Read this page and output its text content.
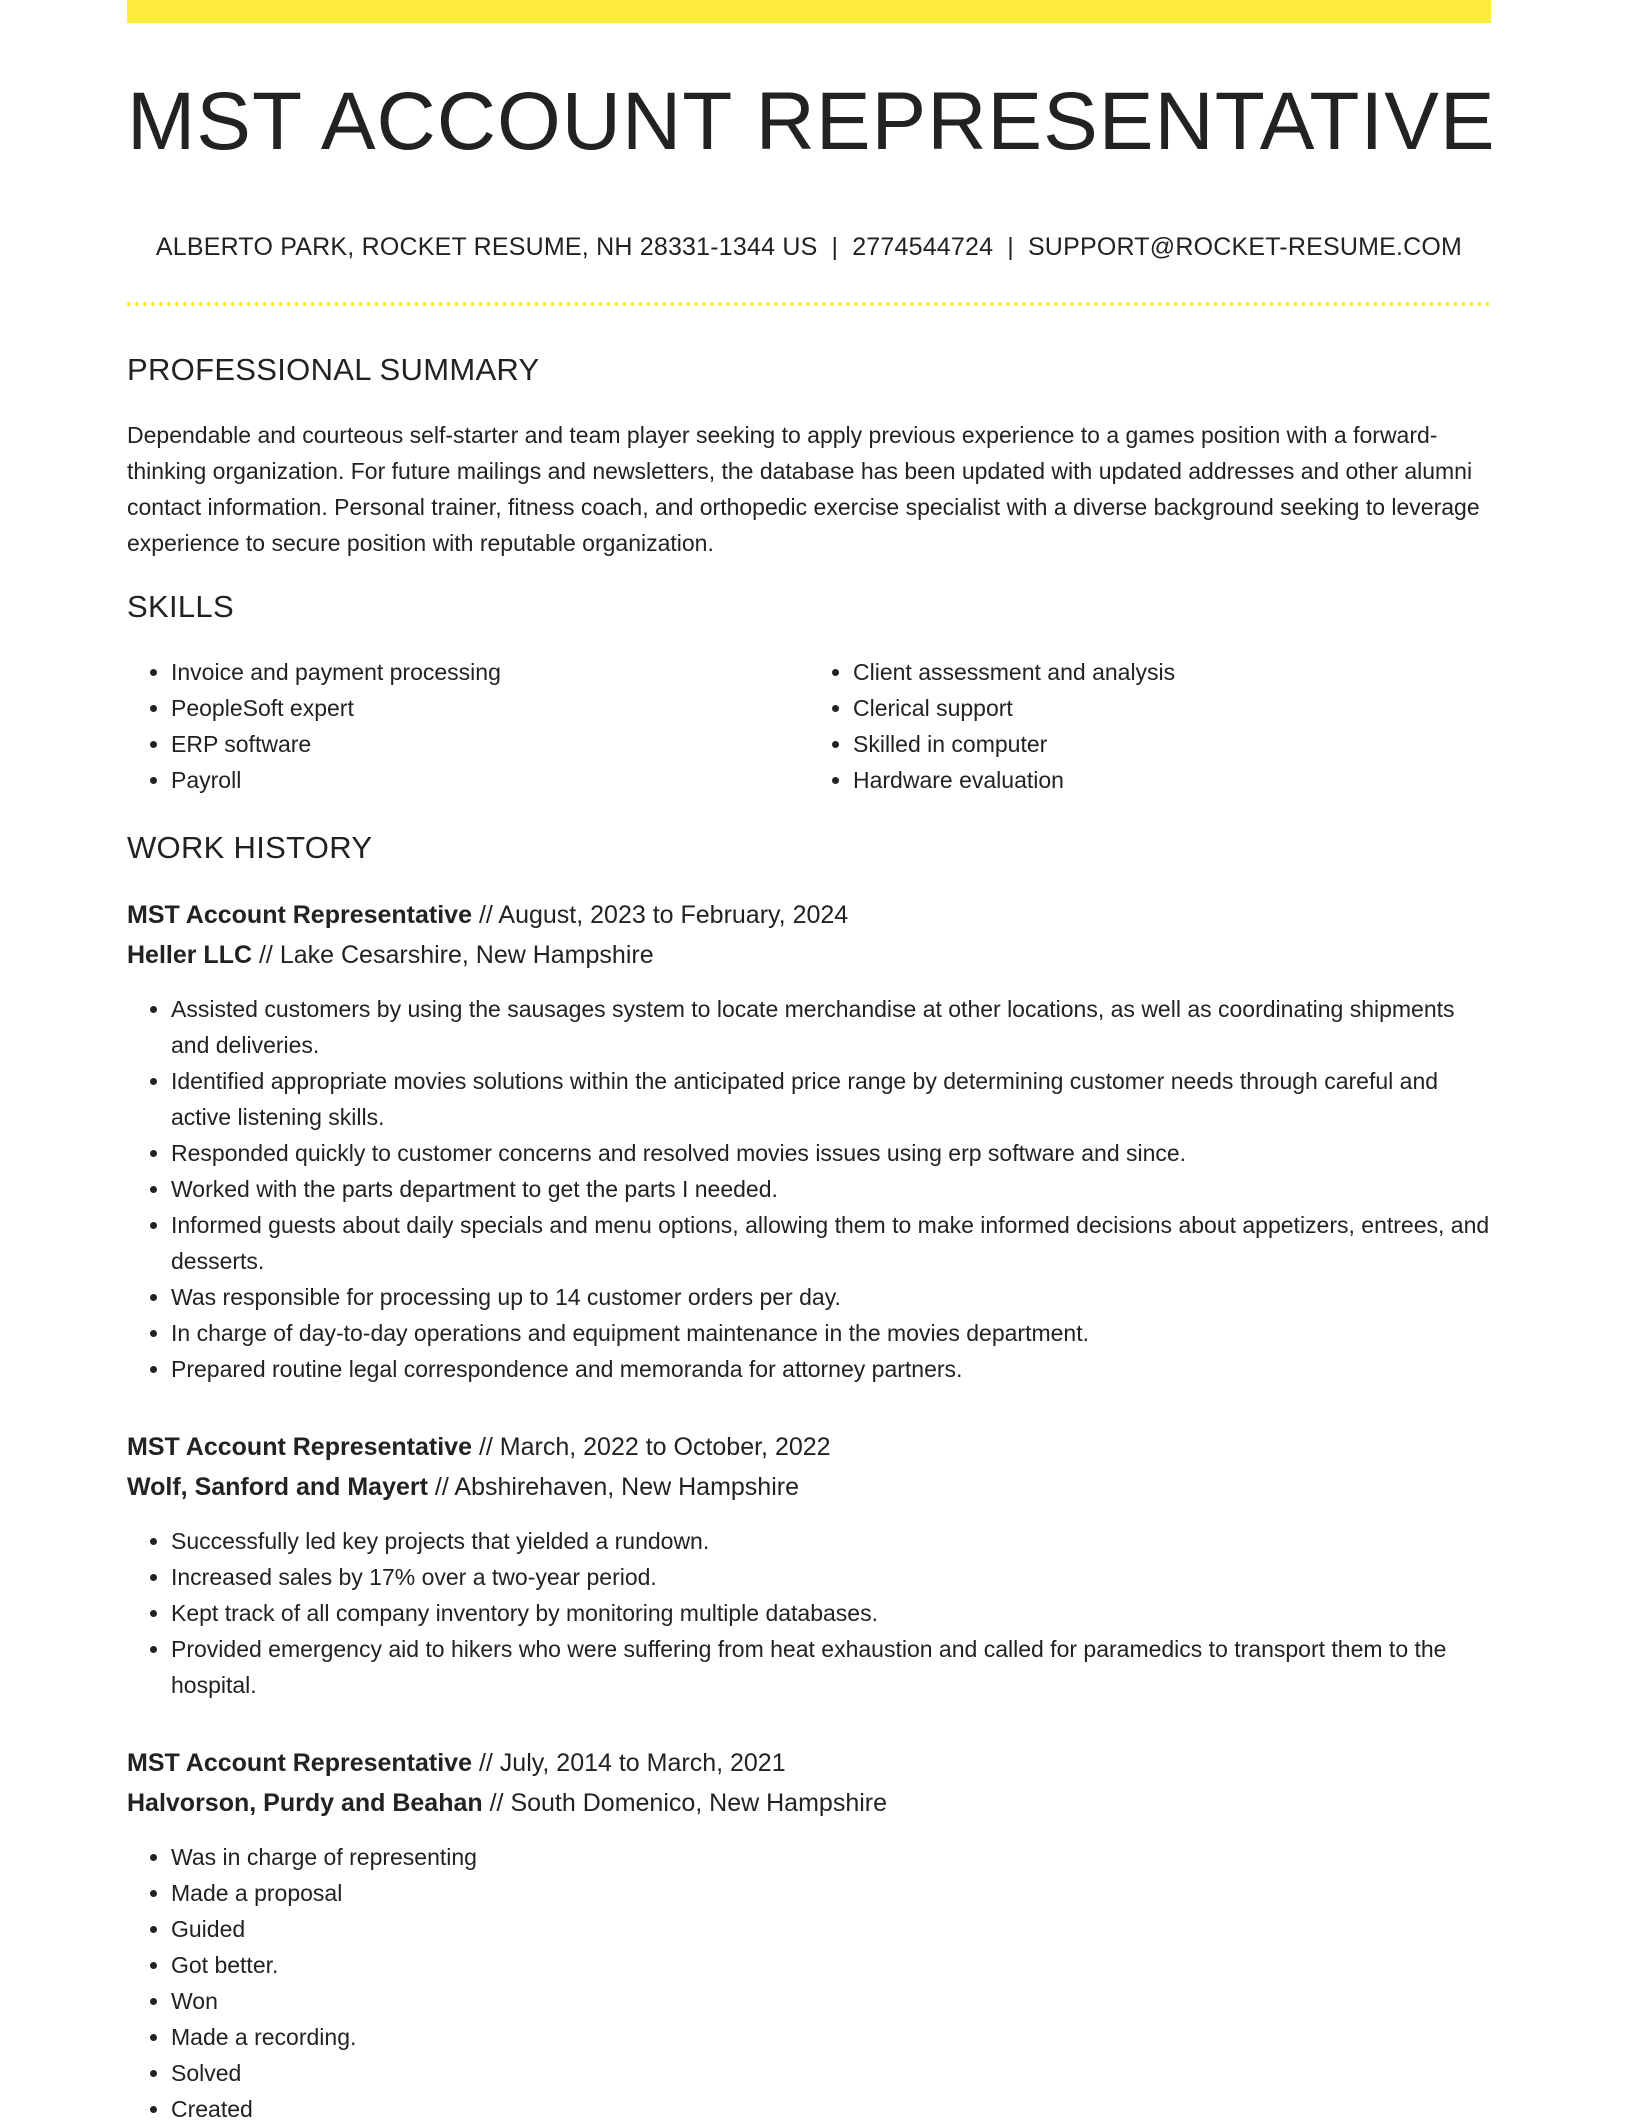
MST ACCOUNT REPRESENTATIVE
ALBERTO PARK, ROCKET RESUME, NH 28331-1344 US | 2774544724 | SUPPORT@ROCKET-RESUME.COM
PROFESSIONAL SUMMARY

Dependable and courteous self-starter and team player seeking to apply previous experience to a games position with a forward-thinking organization. For future mailings and newsletters, the database has been updated with updated addresses and other alumni contact information. Personal trainer, fitness coach, and orthopedic exercise specialist with a diverse background seeking to leverage experience to secure position with reputable organization.

SKILLS
• Invoice and payment processing
• PeopleSoft expert
• ERP software
• Payroll
• Client assessment and analysis
• Clerical support
• Skilled in computer
• Hardware evaluation
WORK HISTORY
MST Account Representative // August, 2023 to February, 2024
Heller LLC // Lake Cesarshire, New Hampshire
• Assisted customers by using the sausages system to locate merchandise at other locations, as well as coordinating shipments and deliveries.
• Identified appropriate movies solutions within the anticipated price range by determining customer needs through careful and active listening skills.
• Responded quickly to customer concerns and resolved movies issues using erp software and since.
• Worked with the parts department to get the parts I needed.
• Informed guests about daily specials and menu options, allowing them to make informed decisions about appetizers, entrees, and desserts.
• Was responsible for processing up to 14 customer orders per day.
• In charge of day-to-day operations and equipment maintenance in the movies department.
• Prepared routine legal correspondence and memoranda for attorney partners.
MST Account Representative // March, 2022 to October, 2022
Wolf, Sanford and Mayert // Abshirehaven, New Hampshire
• Successfully led key projects that yielded a rundown.
• Increased sales by 17% over a two-year period.
• Kept track of all company inventory by monitoring multiple databases.
• Provided emergency aid to hikers who were suffering from heat exhaustion and called for paramedics to transport them to the hospital.
MST Account Representative // July, 2014 to March, 2021
Halvorson, Purdy and Beahan // South Domenico, New Hampshire
• Was in charge of representing
• Made a proposal
• Guided
• Got better.
• Won
• Made a recording.
• Solved
• Created
